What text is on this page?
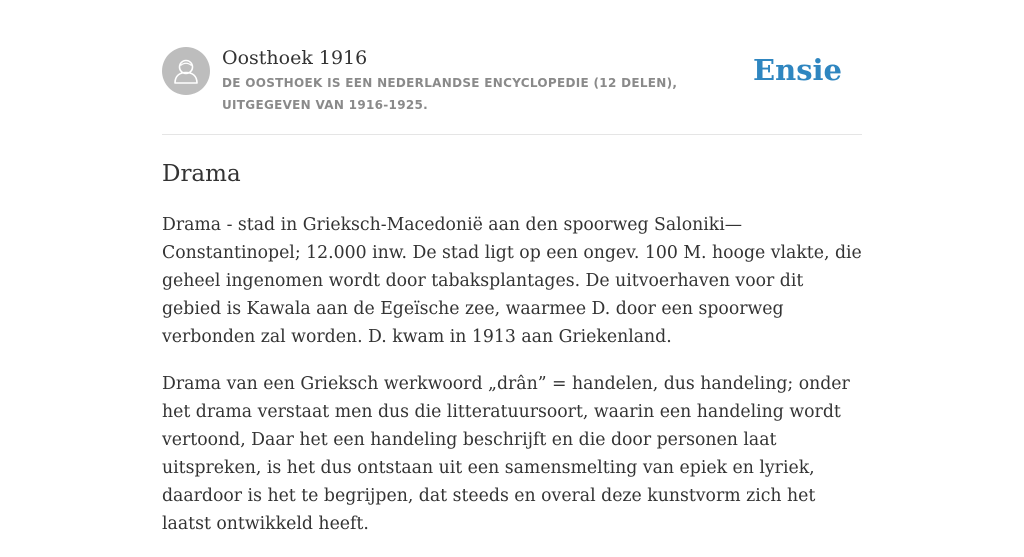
Oosthoek 1916
DE OOSTHOEK IS EEN NEDERLANDSE ENCYCLOPEDIE (12 DELEN), UITGEGEVEN VAN 1916-1925.
Ensie
Drama

Drama - stad in Grieksch-Macedonië aan den spoorweg Saloniki—Constantinopel; 12.000 inw. De stad ligt op een ongev. 100 M. hooge vlakte, die geheel ingenomen wordt door tabaksplantages. De uitvoerhaven voor dit gebied is Kawala aan de Egeïsche zee, waarmee D. door een spoorweg verbonden zal worden. D. kwam in 1913 aan Griekenland.

Drama van een Grieksch werkwoord „drân” = handelen, dus handeling; onder het drama verstaat men dus die litteratuursoort, waarin een handeling wordt vertoond, Daar het een handeling beschrijft en die door personen laat uitspreken, is het dus ontstaan uit een samensmelting van epiek en lyriek, daardoor is het te begrijpen, dat steeds en overal deze kunstvorm zich het laatst ontwikkeld heeft.
